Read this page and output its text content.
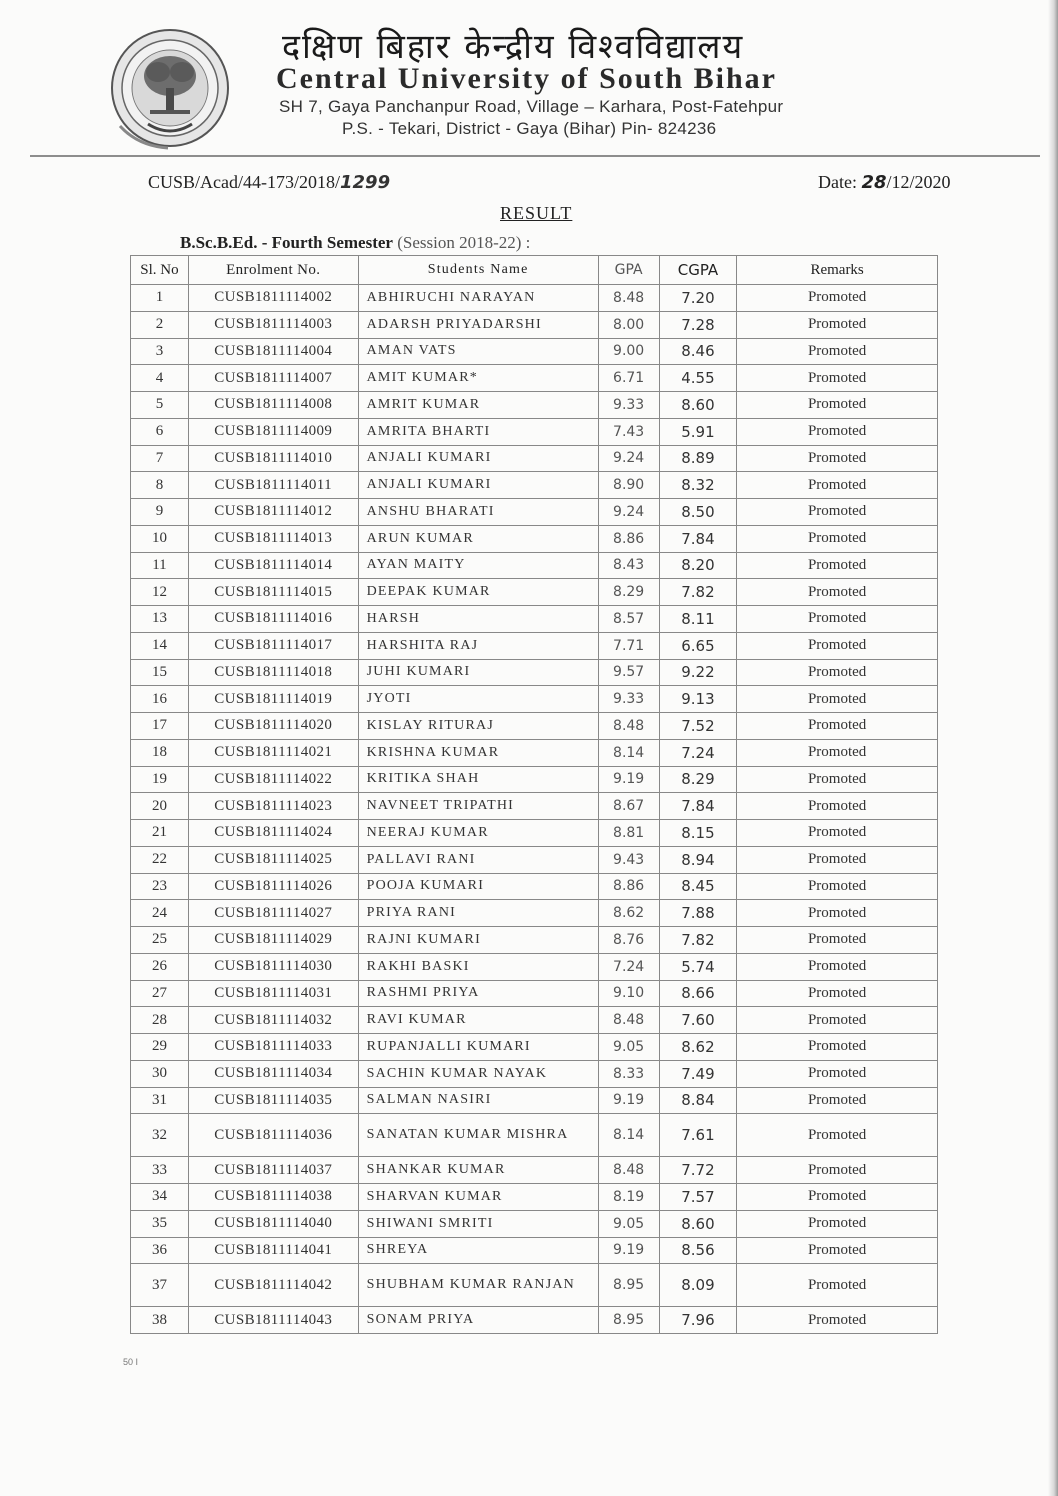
दक्षिण बिहार केन्द्रीय विश्वविद्यालय
Central University of South Bihar
SH 7, Gaya Panchanpur Road, Village – Karhara, Post-Fatehpur
P.S. - Tekari, District - Gaya (Bihar) Pin- 824236
CUSB/Acad/44-173/2018/1299	Date: 28/12/2020
RESULT
B.Sc.B.Ed. - Fourth Semester (Session 2018-22) :
Sl. No	Enrolment No.	Students Name	GPA	CGPA	Remarks
1	CUSB1811114002	ABHIRUCHI NARAYAN	8.48	7.20	Promoted
2	CUSB1811114003	ADARSH PRIYADARSHI	8.00	7.28	Promoted
3	CUSB1811114004	AMAN VATS	9.00	8.46	Promoted
4	CUSB1811114007	AMIT KUMAR*	6.71	4.55	Promoted
5	CUSB1811114008	AMRIT KUMAR	9.33	8.60	Promoted
6	CUSB1811114009	AMRITA BHARTI	7.43	5.91	Promoted
7	CUSB1811114010	ANJALI KUMARI	9.24	8.89	Promoted
8	CUSB1811114011	ANJALI KUMARI	8.90	8.32	Promoted
9	CUSB1811114012	ANSHU BHARATI	9.24	8.50	Promoted
10	CUSB1811114013	ARUN KUMAR	8.86	7.84	Promoted
11	CUSB1811114014	AYAN MAITY	8.43	8.20	Promoted
12	CUSB1811114015	DEEPAK KUMAR	8.29	7.82	Promoted
13	CUSB1811114016	HARSH	8.57	8.11	Promoted
14	CUSB1811114017	HARSHITA RAJ	7.71	6.65	Promoted
15	CUSB1811114018	JUHI KUMARI	9.57	9.22	Promoted
16	CUSB1811114019	JYOTI	9.33	9.13	Promoted
17	CUSB1811114020	KISLAY RITURAJ	8.48	7.52	Promoted
18	CUSB1811114021	KRISHNA KUMAR	8.14	7.24	Promoted
19	CUSB1811114022	KRITIKA SHAH	9.19	8.29	Promoted
20	CUSB1811114023	NAVNEET TRIPATHI	8.67	7.84	Promoted
21	CUSB1811114024	NEERAJ KUMAR	8.81	8.15	Promoted
22	CUSB1811114025	PALLAVI RANI	9.43	8.94	Promoted
23	CUSB1811114026	POOJA KUMARI	8.86	8.45	Promoted
24	CUSB1811114027	PRIYA RANI	8.62	7.88	Promoted
25	CUSB1811114029	RAJNI KUMARI	8.76	7.82	Promoted
26	CUSB1811114030	RAKHI BASKI	7.24	5.74	Promoted
27	CUSB1811114031	RASHMI PRIYA	9.10	8.66	Promoted
28	CUSB1811114032	RAVI KUMAR	8.48	7.60	Promoted
29	CUSB1811114033	RUPANJALLI KUMARI	9.05	8.62	Promoted
30	CUSB1811114034	SACHIN KUMAR NAYAK	8.33	7.49	Promoted
31	CUSB1811114035	SALMAN NASIRI	9.19	8.84	Promoted
32	CUSB1811114036	SANATAN KUMAR MISHRA	8.14	7.61	Promoted
33	CUSB1811114037	SHANKAR KUMAR	8.48	7.72	Promoted
34	CUSB1811114038	SHARVAN KUMAR	8.19	7.57	Promoted
35	CUSB1811114040	SHIWANI SMRITI	9.05	8.60	Promoted
36	CUSB1811114041	SHREYA	9.19	8.56	Promoted
37	CUSB1811114042	SHUBHAM KUMAR RANJAN	8.95	8.09	Promoted
38	CUSB1811114043	SONAM PRIYA	8.95	7.96	Promoted
50 I
